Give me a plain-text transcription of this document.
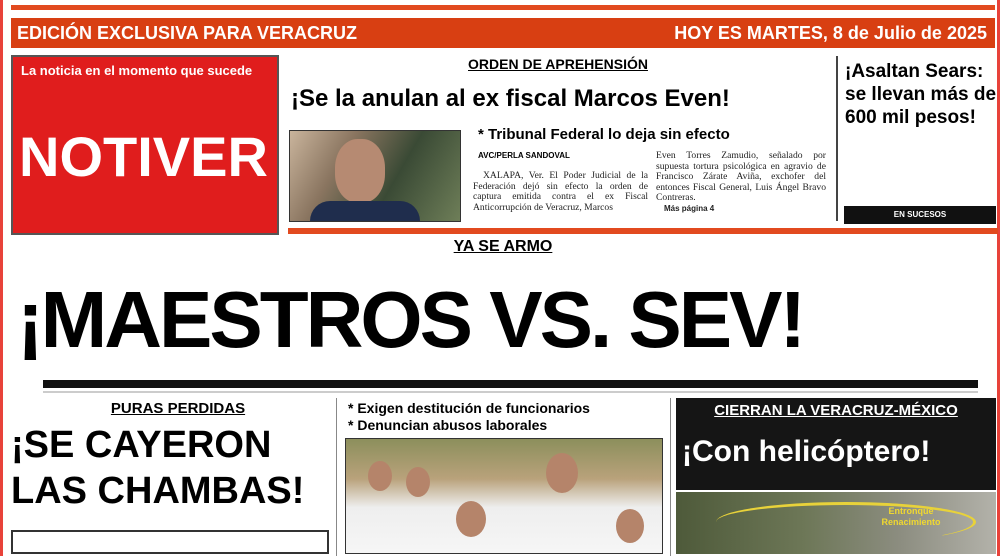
EDICIÓN EXCLUSIVA PARA VERACRUZ	HOY ES MARTES, 8 de Julio de 2025
La noticia en el momento que sucede
NOTIVER
ORDEN DE APREHENSIÓN
¡Se la anulan al ex fiscal Marcos Even!
* Tribunal Federal lo deja sin efecto
AVC/PERLA SANDOVAL
XALAPA, Ver. El Poder Judicial de la Federación dejó sin efecto la orden de captura emitida contra el ex Fiscal Anticorrupción de Veracruz, Marcos
Even Torres Zamudio, señalado por supuesta tortura psicológica en agravio de Francisco Zárate Aviña, exchofer del entonces Fiscal General, Luis Ángel Bravo Contreras.
Más página 4
¡Asaltan Sears: se llevan más de 600 mil pesos!
EN SUCESOS
YA SE ARMO
¡MAESTROS VS. SEV!
PURAS PERDIDAS
¡SE CAYERON
LAS CHAMBAS!
* Exigen destitución de funcionarios
* Denuncian abusos laborales
CIERRAN LA VERACRUZ-MÉXICO
¡Con helicóptero!
Entronque Renacimiento
